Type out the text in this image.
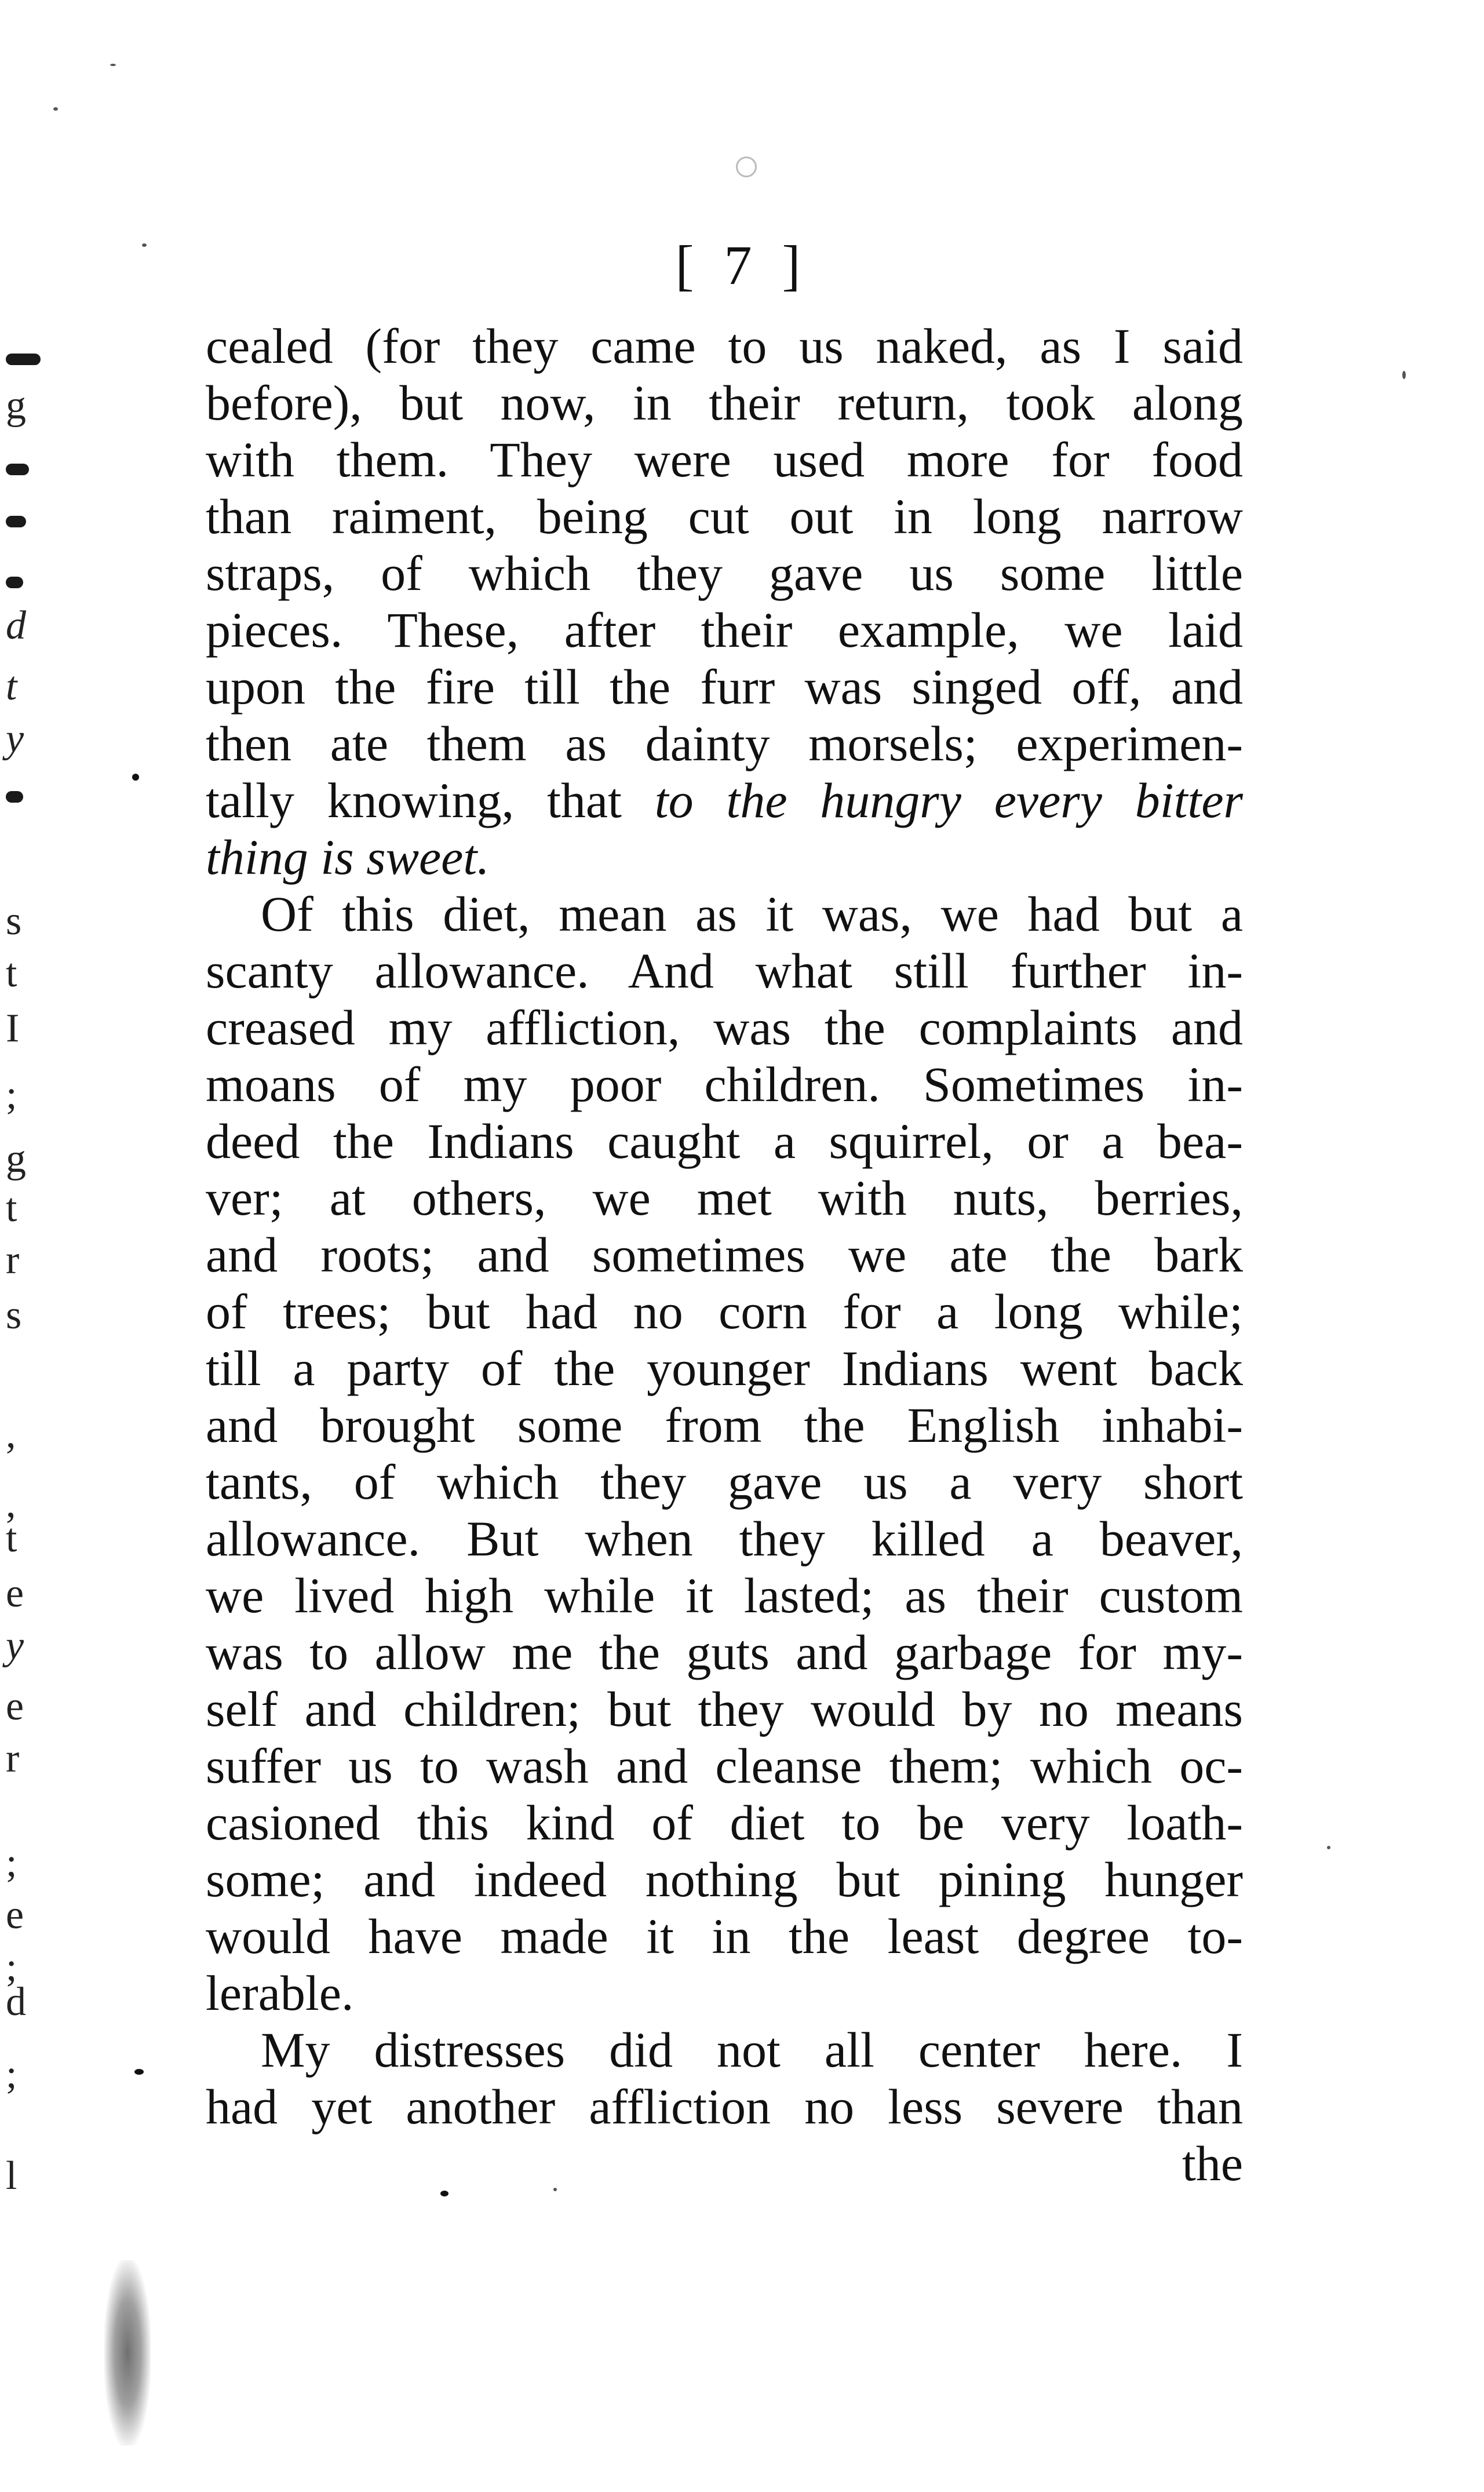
g
d
t
y
s
t
I
;
g
t
r
s
,
,
t
e
y
e
r
;
e
;
d
;
l
[ 7 ]
cealed (for they came to us naked, as I said
before), but now, in their return, took along
with them. They were used more for food
than raiment, being cut out in long narrow
straps, of which they gave us some little
pieces. These, after their example, we laid
upon the fire till the furr was singed off, and
then ate them as dainty morsels; experimen-
tally knowing, that to the hungry every bitter
thing is sweet.
Of this diet, mean as it was, we had but a
scanty allowance. And what still further in-
creased my affliction, was the complaints and
moans of my poor children. Sometimes in-
deed the Indians caught a squirrel, or a bea-
ver; at others, we met with nuts, berries,
and roots; and sometimes we ate the bark
of trees; but had no corn for a long while;
till a party of the younger Indians went back
and brought some from the English inhabi-
tants, of which they gave us a very short
allowance. But when they killed a beaver,
we lived high while it lasted; as their custom
was to allow me the guts and garbage for my-
self and children; but they would by no means
suffer us to wash and cleanse them; which oc-
casioned this kind of diet to be very loath-
some; and indeed nothing but pining hunger
would have made it in the least degree to-
lerable.
My distresses did not all center here. I
had yet another affliction no less severe than
the
